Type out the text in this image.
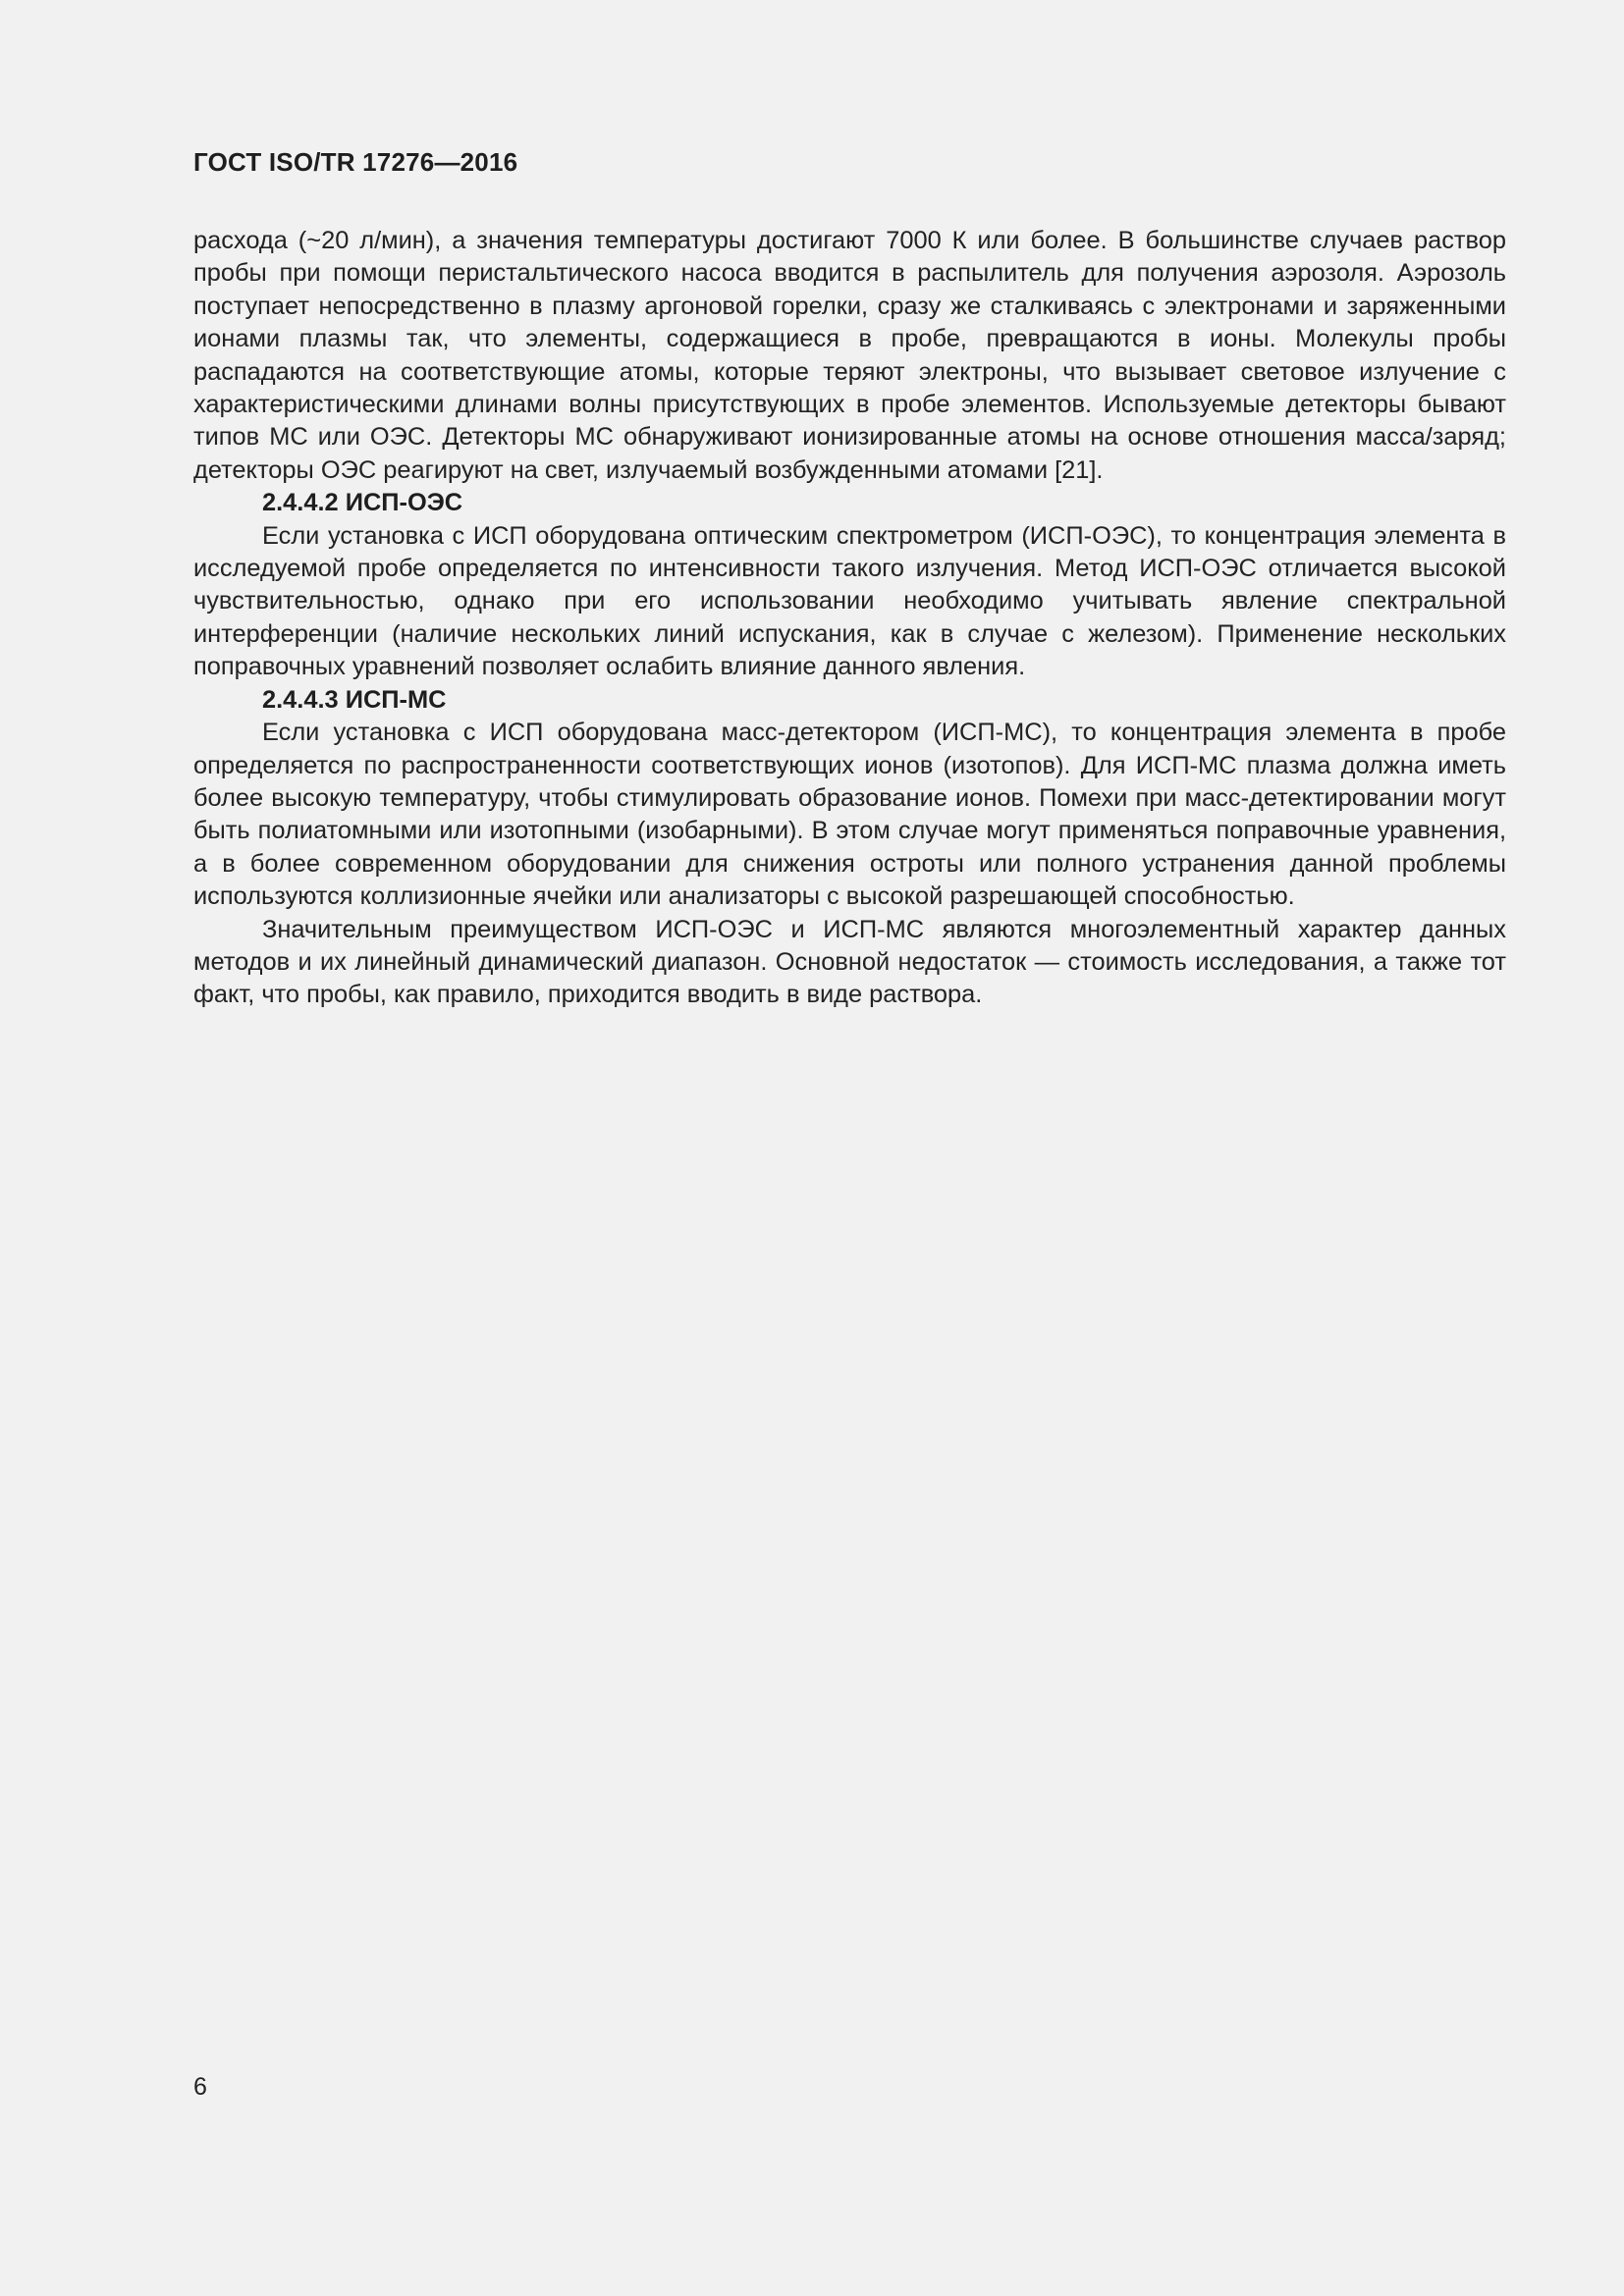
ГОСТ ISO/TR 17276—2016

расхода (~20 л/мин), а значения температуры достигают 7000 К или более. В большинстве случаев раствор пробы при помощи перистальтического насоса вводится в распылитель для получения аэрозоля. Аэрозоль поступает непосредственно в плазму аргоновой горелки, сразу же сталкиваясь с электронами и заряженными ионами плазмы так, что элементы, содержащиеся в пробе, превращаются в ионы. Молекулы пробы распадаются на соответствующие атомы, которые теряют электроны, что вызывает световое излучение с характеристическими длинами волны присутствующих в пробе элементов. Используемые детекторы бывают типов МС или ОЭС. Детекторы МС обнаруживают ионизированные атомы на основе отношения масса/заряд; детекторы ОЭС реагируют на свет, излучаемый возбужденными атомами [21].

2.4.4.2 ИСП-ОЭС

Если установка с ИСП оборудована оптическим спектрометром (ИСП-ОЭС), то концентрация элемента в исследуемой пробе определяется по интенсивности такого излучения. Метод ИСП-ОЭС отличается высокой чувствительностью, однако при его использовании необходимо учитывать явление спектральной интерференции (наличие нескольких линий испускания, как в случае с железом). Применение нескольких поправочных уравнений позволяет ослабить влияние данного явления.

2.4.4.3 ИСП-МС

Если установка с ИСП оборудована масс-детектором (ИСП-МС), то концентрация элемента в пробе определяется по распространенности соответствующих ионов (изотопов). Для ИСП-МС плазма должна иметь более высокую температуру, чтобы стимулировать образование ионов. Помехи при масс-детектировании могут быть полиатомными или изотопными (изобарными). В этом случае могут применяться поправочные уравнения, а в более современном оборудовании для снижения остроты или полного устранения данной проблемы используются коллизионные ячейки или анализаторы с высокой разрешающей способностью.

Значительным преимуществом ИСП-ОЭС и ИСП-МС являются многоэлементный характер данных методов и их линейный динамический диапазон. Основной недостаток — стоимость исследования, а также тот факт, что пробы, как правило, приходится вводить в виде раствора.

6
